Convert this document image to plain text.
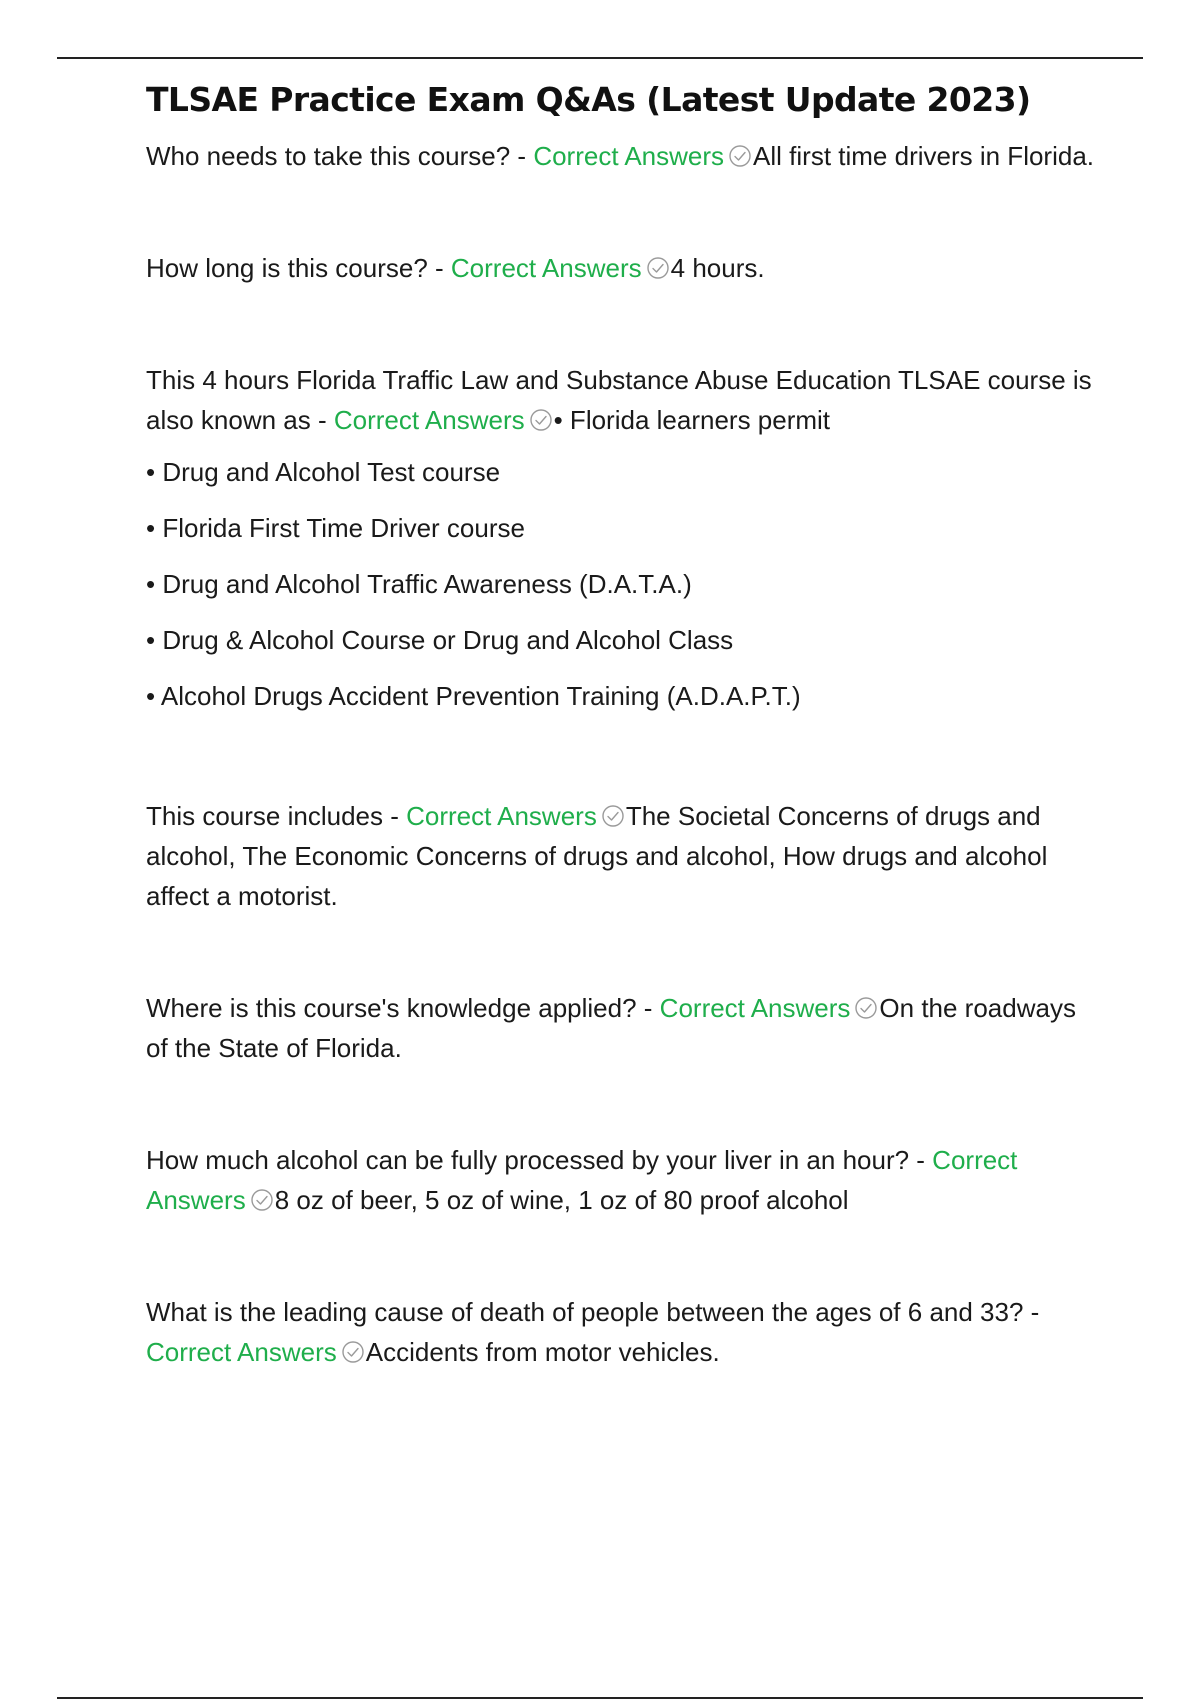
TLSAE Practice Exam Q&As (Latest Update 2023)

Who needs to take this course? - Correct Answers All first time drivers in Florida.

How long is this course? - Correct Answers 4 hours.

This 4 hours Florida Traffic Law and Substance Abuse Education TLSAE course is also known as - Correct Answers • Florida learners permit

• Drug and Alcohol Test course
• Florida First Time Driver course
• Drug and Alcohol Traffic Awareness (D.A.T.A.)
• Drug & Alcohol Course or Drug and Alcohol Class
• Alcohol Drugs Accident Prevention Training (A.D.A.P.T.)

This course includes - Correct Answers The Societal Concerns of drugs and alcohol, The Economic Concerns of drugs and alcohol, How drugs and alcohol affect a motorist.

Where is this course's knowledge applied? - Correct Answers On the roadways of the State of Florida.

How much alcohol can be fully processed by your liver in an hour? - Correct Answers 8 oz of beer, 5 oz of wine, 1 oz of 80 proof alcohol

What is the leading cause of death of people between the ages of 6 and 33? - Correct Answers Accidents from motor vehicles.
